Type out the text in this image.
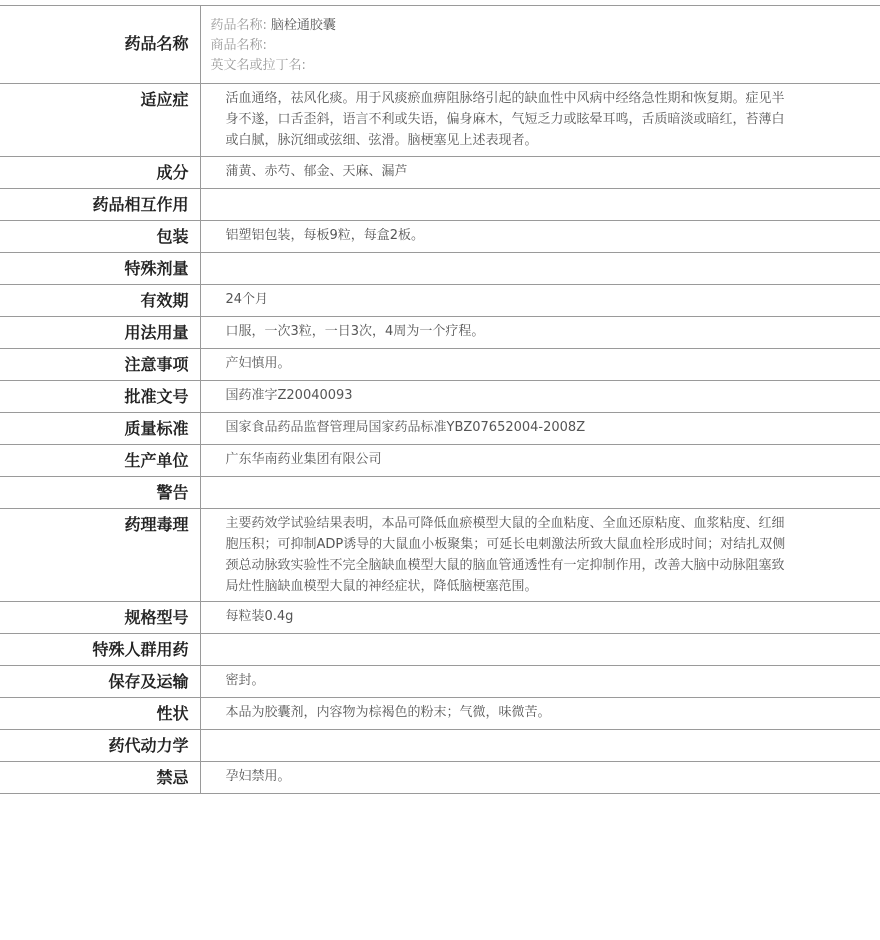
药品名称	药品名称: 脑栓通胶囊
商品名称:
英文名或拉丁名:

适应症	活血通络，祛风化痰。用于风痰瘀血痹阻脉络引起的缺血性中风病中经络急性期和恢复期。症见半身不遂，口舌歪斜，语言不利或失语，偏身麻木，气短乏力或眩晕耳鸣，舌质暗淡或暗红，苔薄白或白腻，脉沉细或弦细、弦滑。脑梗塞见上述表现者。

成分	蒲黄、赤芍、郁金、天麻、漏芦

药品相互作用	

包装	铝塑铝包装，每板9粒，每盒2板。

特殊剂量	

有效期	24个月

用法用量	口服，一次3粒，一日3次，4周为一个疗程。

注意事项	产妇慎用。

批准文号	国药准字Z20040093

质量标准	国家食品药品监督管理局国家药品标准YBZ07652004-2008Z

生产单位	广东华南药业集团有限公司

警告	

药理毒理	主要药效学试验结果表明，本品可降低血瘀模型大鼠的全血粘度、全血还原粘度、血浆粘度、红细胞压积；可抑制ADP诱导的大鼠血小板聚集；可延长电刺激法所致大鼠血栓形成时间；对结扎双侧颈总动脉致实验性不完全脑缺血模型大鼠的脑血管通透性有一定抑制作用，改善大脑中动脉阻塞致局灶性脑缺血模型大鼠的神经症状，降低脑梗塞范围。

规格型号	每粒装0.4g

特殊人群用药	

保存及运输	密封。

性状	本品为胶囊剂，内容物为棕褐色的粉末；气微，味微苦。

药代动力学	

禁忌	孕妇禁用。
